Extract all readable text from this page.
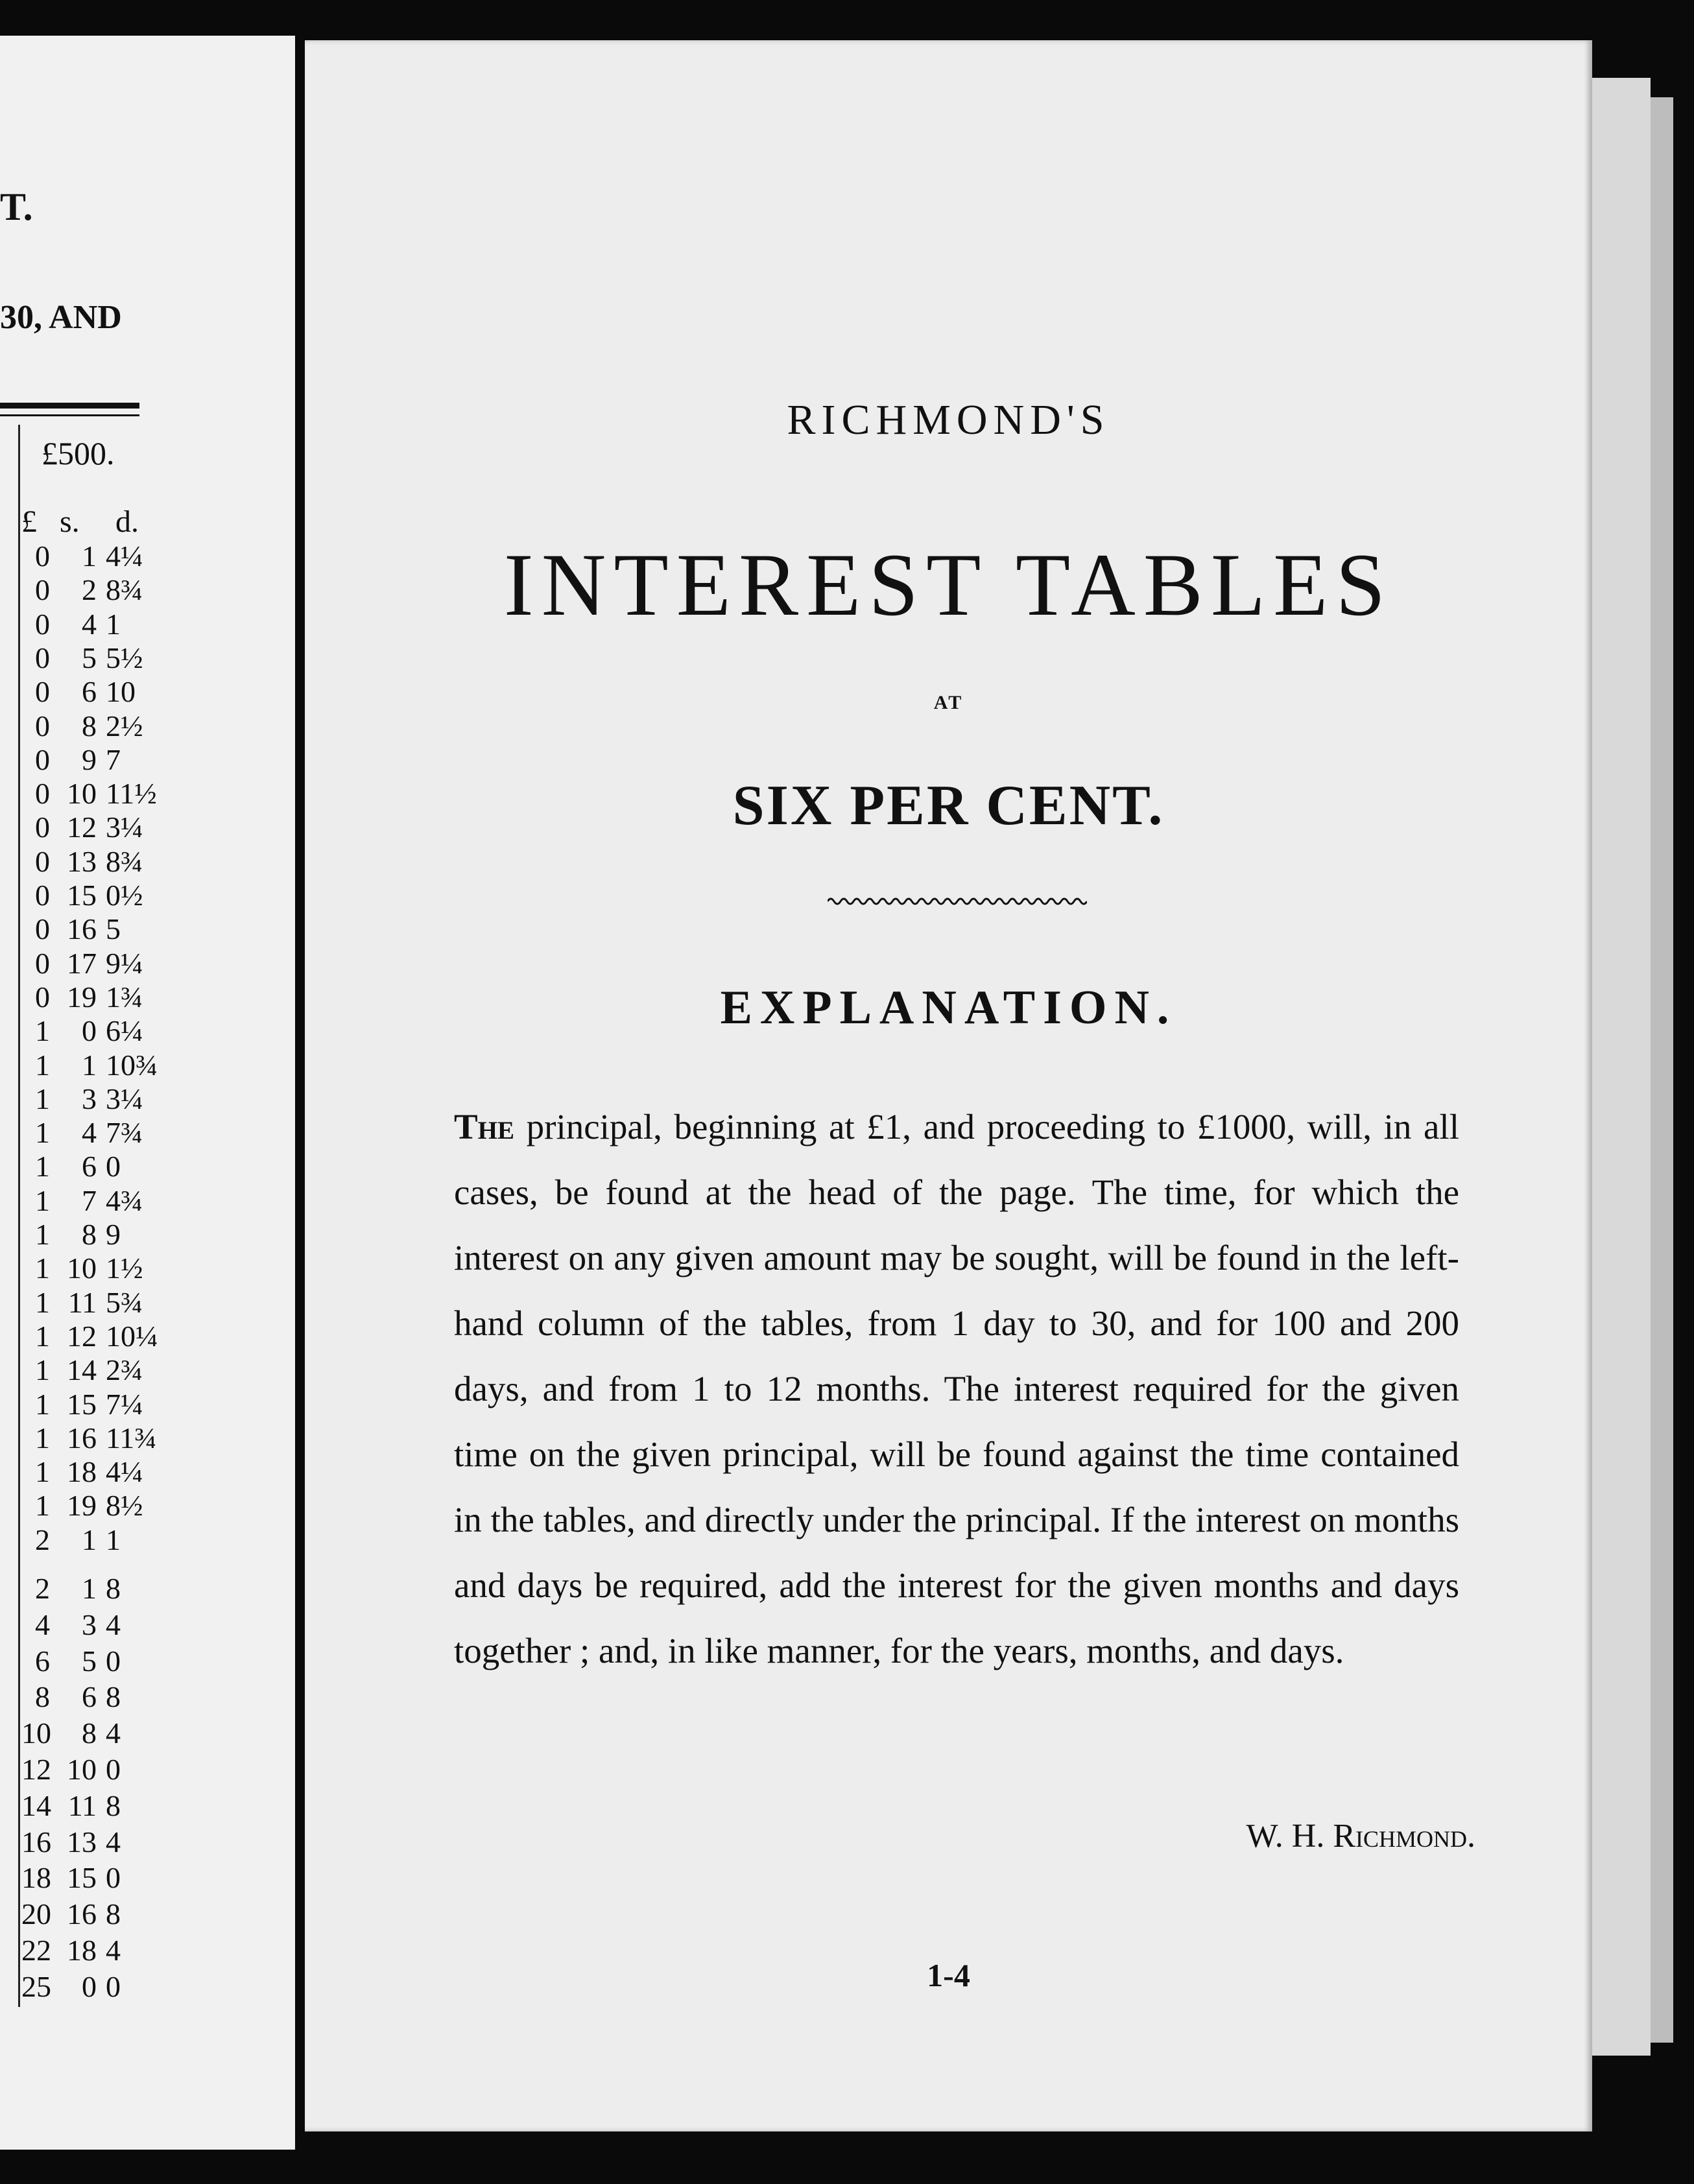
T.
30, AND
£500.
£ s. d.
0	1 4¼
0	2 8¾
0	4 1
0	5 5½
0	6 10
0	8 2½
0	9 7
0 10 11½
0 12 3¼
0 13 8¾
0 15 0½
0 16 5
0 17 9¼
0 19 1¾
1	0 6¼
1	1 10¾
1	3 3¼
1	4 7¾
1	6 0
1	7 4¾
1	8 9
1 10 1½
1 11 5¾
1 12 10¼
1 14 2¾
1 15 7¼
1 16 11¾
1 18 4¼
1 19 8½
2	1 1
2	1 8
4	3 4
6	5 0
8	6 8
10	8 4
12 10 0
14 11 8
16 13 4
18 15 0
20 16 8
22 18 4
25	0 0
RICHMOND'S
INTEREST TABLES
AT
SIX PER CENT.
EXPLANATION.
The principal, beginning at £1, and proceeding to £1000, will, in all cases, be found at the head of the page. The time, for which the interest on any given amount may be sought, will be found in the left-hand column of the tables, from 1 day to 30, and for 100 and 200 days, and from 1 to 12 months. The interest required for the given time on the given principal, will be found against the time contained in the tables, and directly under the principal. If the interest on months and days be required, add the interest for the given months and days together ; and, in like manner, for the years, months, and days.
W. H. Richmond.
1-4
